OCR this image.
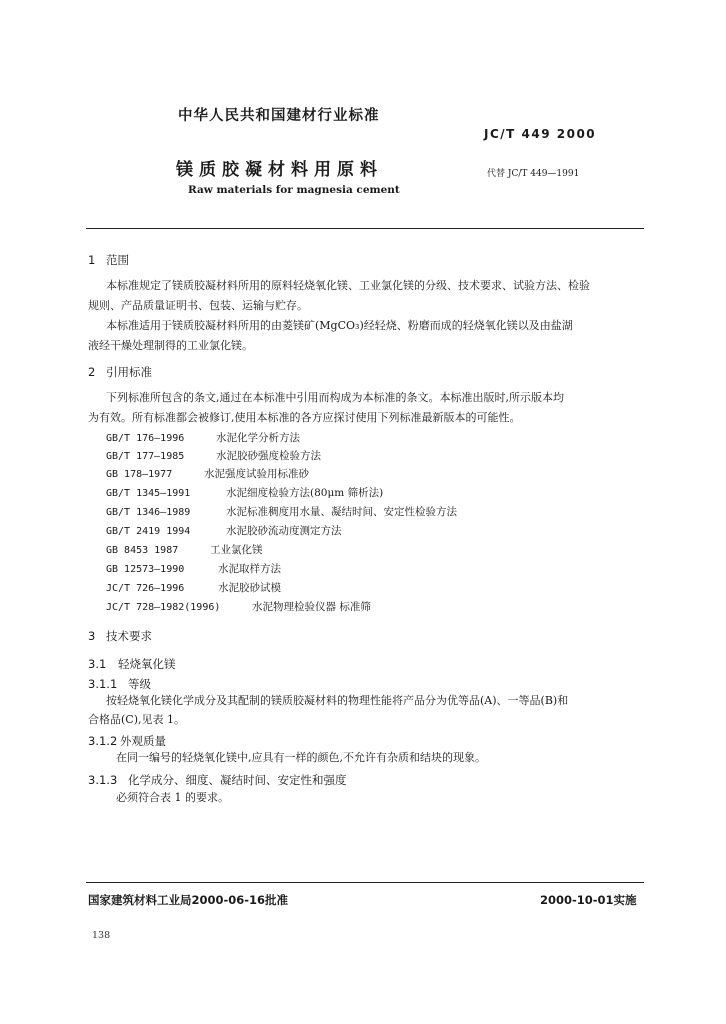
中华人民共和国建材行业标准
JC/T 449 2000
镁质胶凝材料用原料	代替 JC/T 449—1991
Raw materials for magnesia cement
1 范围
本标准规定了镁质胶凝材料所用的原料轻烧氧化镁、工业氯化镁的分级、技术要求、试验方法、检验
规则、产品质量证明书、包装、运输与贮存。
本标准适用于镁质胶凝材料所用的由菱镁矿(MgCO₃)经轻烧、粉磨而成的轻烧氧化镁以及由盐湖
液经干燥处理制得的工业氯化镁。
2 引用标准
下列标准所包含的条文,通过在本标准中引用而构成为本标准的条文。本标准出版时,所示版本均
为有效。所有标准都会被修订,使用本标准的各方应探讨使用下列标准最新版本的可能性。
GB/T 176—1996	水泥化学分析方法
GB/T 177—1985	水泥胶砂强度检验方法
GB 178—1977	水泥强度试验用标准砂
GB/T 1345—1991	水泥细度检验方法(80μm 筛析法)
GB/T 1346—1989	水泥标准稠度用水量、凝结时间、安定性检验方法
GB/T 2419 1994	水泥胶砂流动度测定方法
GB 8453 1987	工业氯化镁
GB 12573—1990	水泥取样方法
JC/T 726—1996	水泥胶砂试模
JC/T 728—1982(1996)	水泥物理检验仪器 标准筛
3 技术要求
3.1 轻烧氧化镁
3.1.1 等级
按轻烧氧化镁化学成分及其配制的镁质胶凝材料的物理性能将产品分为优等品(A)、一等品(B)和
合格品(C),见表 1。
3.1.2 外观质量
在同一编号的轻烧氧化镁中,应具有一样的颜色,不允许有杂质和结块的现象。
3.1.3 化学成分、细度、凝结时间、安定性和强度
必须符合表 1 的要求。
国家建筑材料工业局2000-06-16批准	2000-10-01实施
138
